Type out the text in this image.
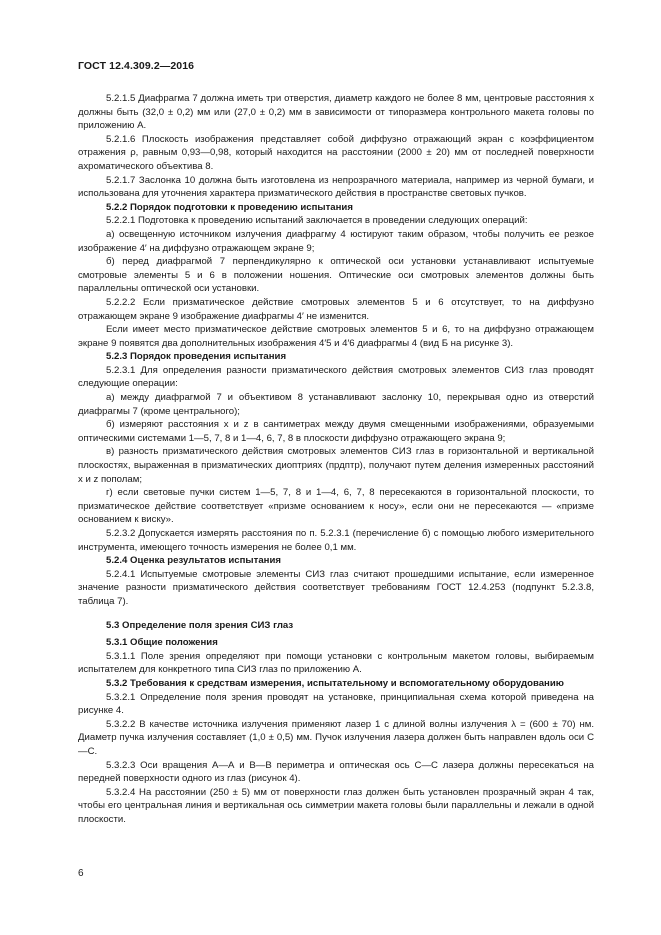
ГОСТ 12.4.309.2—2016

5.2.1.5 Диафрагма 7 должна иметь три отверстия, диаметр каждого не более 8 мм, центровые расстояния x должны быть (32,0 ± 0,2) мм или (27,0 ± 0,2) мм в зависимости от типоразмера контрольного макета головы по приложению А.

5.2.1.6 Плоскость изображения представляет собой диффузно отражающий экран с коэффициентом отражения ρ, равным 0,93—0,98, который находится на расстоянии (2000 ± 20) мм от последней поверхности ахроматического объектива 8.

5.2.1.7 Заслонка 10 должна быть изготовлена из непрозрачного материала, например из черной бумаги, и использована для уточнения характера призматического действия в пространстве световых пучков.

5.2.2 Порядок подготовки к проведению испытания

5.2.2.1 Подготовка к проведению испытаний заключается в проведении следующих операций:

а) освещенную источником излучения диафрагму 4 юстируют таким образом, чтобы получить ее резкое изображение 4′ на диффузно отражающем экране 9;

б) перед диафрагмой 7 перпендикулярно к оптической оси установки устанавливают испытуемые смотровые элементы 5 и 6 в положении ношения. Оптические оси смотровых элементов должны быть параллельны оптической оси установки.

5.2.2.2 Если призматическое действие смотровых элементов 5 и 6 отсутствует, то на диффузно отражающем экране 9 изображение диафрагмы 4′ не изменится.

Если имеет место призматическое действие смотровых элементов 5 и 6, то на диффузно отражающем экране 9 появятся два дополнительных изображения 4′5 и 4′6 диафрагмы 4 (вид Б на рисунке 3).

5.2.3 Порядок проведения испытания

5.2.3.1 Для определения разности призматического действия смотровых элементов СИЗ глаз проводят следующие операции:

а) между диафрагмой 7 и объективом 8 устанавливают заслонку 10, перекрывая одно из отверстий диафрагмы 7 (кроме центрального);

б) измеряют расстояния x и z в сантиметрах между двумя смещенными изображениями, образуемыми оптическими системами 1—5, 7, 8 и 1—4, 6, 7, 8 в плоскости диффузно отражающего экрана 9;

в) разность призматического действия смотровых элементов СИЗ глаз в горизонтальной и вертикальной плоскостях, выраженная в призматических диоптриях (прдптр), получают путем деления измеренных расстояний x и z пополам;

г) если световые пучки систем 1—5, 7, 8 и 1—4, 6, 7, 8 пересекаются в горизонтальной плоскости, то призматическое действие соответствует «призме основанием к носу», если они не пересекаются — «призме основанием к виску».

5.2.3.2 Допускается измерять расстояния по п. 5.2.3.1 (перечисление б) с помощью любого измерительного инструмента, имеющего точность измерения не более 0,1 мм.

5.2.4 Оценка результатов испытания

5.2.4.1 Испытуемые смотровые элементы СИЗ глаз считают прошедшими испытание, если измеренное значение разности призматического действия соответствует требованиям ГОСТ 12.4.253 (подпункт 5.2.3.8, таблица 7).

5.3 Определение поля зрения СИЗ глаз

5.3.1 Общие положения

5.3.1.1 Поле зрения определяют при помощи установки с контрольным макетом головы, выбираемым испытателем для конкретного типа СИЗ глаз по приложению А.

5.3.2 Требования к средствам измерения, испытательному и вспомогательному оборудованию

5.3.2.1 Определение поля зрения проводят на установке, принципиальная схема которой приведена на рисунке 4.

5.3.2.2 В качестве источника излучения применяют лазер 1 с длиной волны излучения λ = (600 ± 70) нм. Диаметр пучка излучения составляет (1,0 ± 0,5) мм. Пучок излучения лазера должен быть направлен вдоль оси С—С.

5.3.2.3 Оси вращения А—А и В—В периметра и оптическая ось С—С лазера должны пересекаться на передней поверхности одного из глаз (рисунок 4).

5.3.2.4 На расстоянии (250 ± 5) мм от поверхности глаз должен быть установлен прозрачный экран 4 так, чтобы его центральная линия и вертикальная ось симметрии макета головы были параллельны и лежали в одной плоскости.

6
